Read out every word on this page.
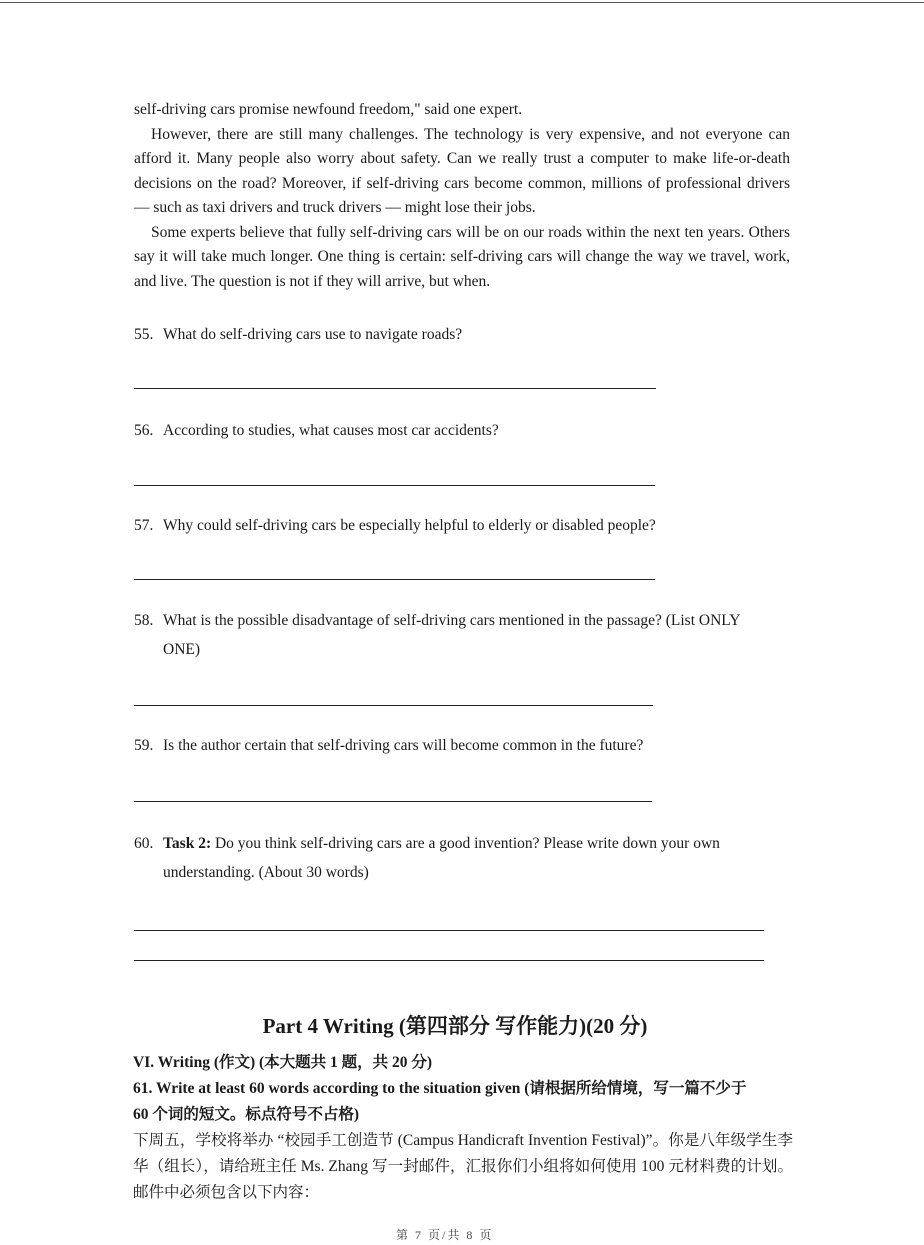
self-driving cars promise newfound freedom," said one expert.

However, there are still many challenges. The technology is very expensive, and not everyone can afford it. Many people also worry about safety. Can we really trust a computer to make life-or-death decisions on the road? Moreover, if self-driving cars become common, millions of professional drivers — such as taxi drivers and truck drivers — might lose their jobs.

Some experts believe that fully self-driving cars will be on our roads within the next ten years. Others say it will take much longer. One thing is certain: self-driving cars will change the way we travel, work, and live. The question is not if they will arrive, but when.

55. What do self-driving cars use to navigate roads?
56. According to studies, what causes most car accidents?
57. Why could self-driving cars be especially helpful to elderly or disabled people?
58. What is the possible disadvantage of self-driving cars mentioned in the passage? (List ONLY
ONE)
59. Is the author certain that self-driving cars will become common in the future?
60. Task 2: Do you think self-driving cars are a good invention? Please write down your own
understanding. (About 30 words)
Part 4 Writing (第四部分 写作能力)(20 分)
VI. Writing (作文) (本大题共 1 题，共 20 分)
61. Write at least 60 words according to the situation given (请根据所给情境，写一篇不少于
60 个词的短文。标点符号不占格)
下周五，学校将举办 “校园手工创造节 (Campus Handicraft Invention Festival)”。你是八年级学生李华（组长），请给班主任 Ms. Zhang 写一封邮件，汇报你们小组将如何使用 100 元材料费的计划。邮件中必须包含以下内容：
第 7 页/共 8 页
